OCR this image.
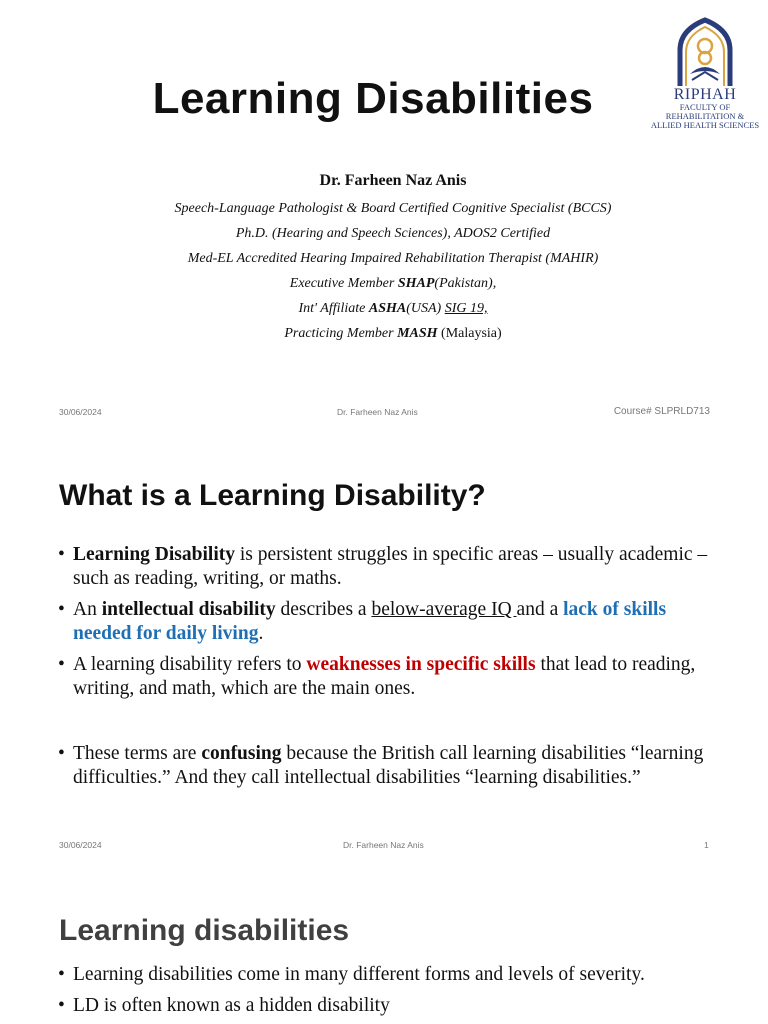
Learning Disabilities	RIPHAH
FACULTY OF
REHABILITATION &
ALLIED HEALTH SCIENCES
Dr. Farheen Naz Anis
Speech-Language Pathologist & Board Certified Cognitive Specialist (BCCS)
Ph.D. (Hearing and Speech Sciences), ADOS2 Certified
Med-EL Accredited Hearing Impaired Rehabilitation Therapist (MAHIR)
Executive Member SHAP(Pakistan),
Int' Affiliate ASHA(USA) SIG 19,
Practicing Member MASH (Malaysia)
30/06/2024	Dr. Farheen Naz Anis	Course# SLPRLD713
What is a Learning Disability?
• Learning Disability is persistent struggles in specific areas – usually academic – such as reading, writing, or maths.
• An intellectual disability describes a below-average IQ and a lack of skills needed for daily living.
• A learning disability refers to weaknesses in specific skills that lead to reading, writing, and math, which are the main ones.
• These terms are confusing because the British call learning disabilities “learning difficulties.” And they call intellectual disabilities “learning disabilities.”
30/06/2024	Dr. Farheen Naz Anis	1
Learning disabilities
• Learning disabilities come in many different forms and levels of severity.
• LD is often known as a hidden disability
